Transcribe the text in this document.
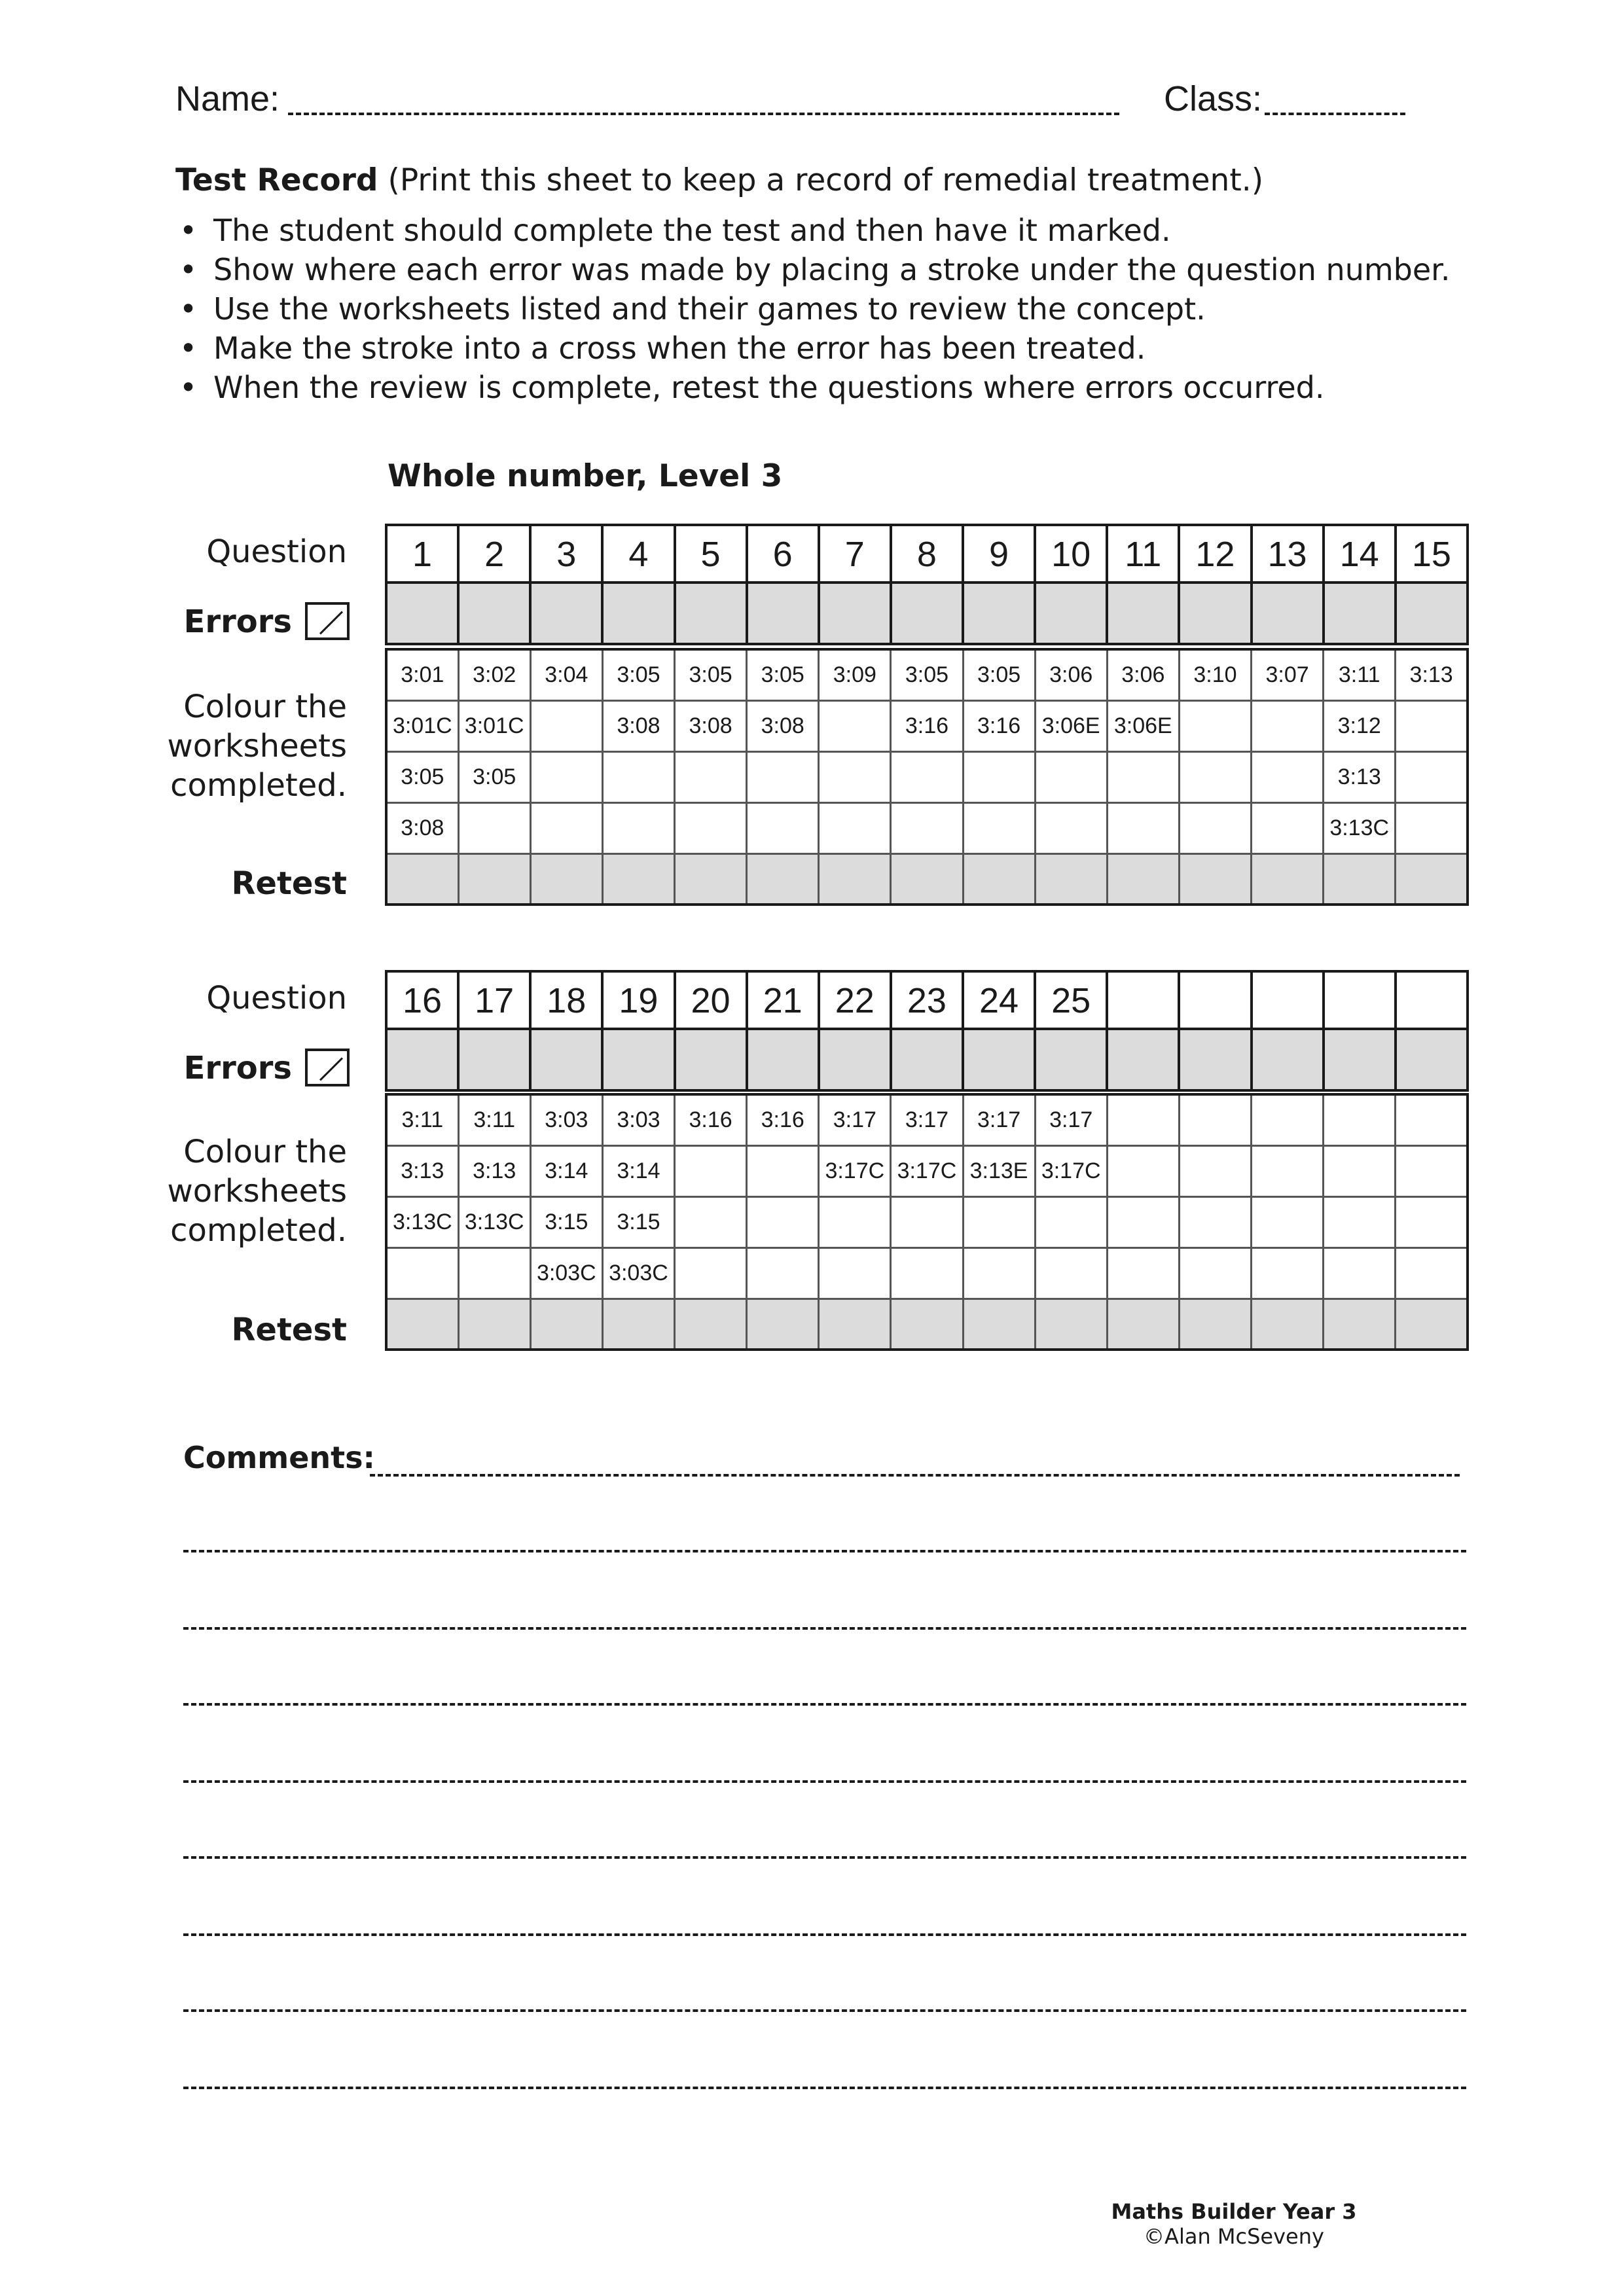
Name:	Class:
Test Record (Print this sheet to keep a record of remedial treatment.)
• The student should complete the test and then have it marked.
• Show where each error was made by placing a stroke under the question number.
• Use the worksheets listed and their games to review the concept.
• Make the stroke into a cross when the error has been treated.
• When the review is complete, retest the questions where errors occurred.
Whole number, Level 3
Question
Errors
Colour the
worksheets
completed.
Retest
1	2	3	4	5	6	7	8	9	10	11	12	13	14	15

3:01	3:02	3:04	3:05	3:05	3:05	3:09	3:05	3:05	3:06	3:06	3:10	3:07	3:11	3:13
3:01C	3:01C		3:08	3:08	3:08		3:16	3:16	3:06E	3:06E			3:12	
3:05	3:05												3:13	
3:08													3:13C	

Question
Errors
Colour the
worksheets
completed.
Retest
16	17	18	19	20	21	22	23	24	25					

3:11	3:11	3:03	3:03	3:16	3:16	3:17	3:17	3:17	3:17					
3:13	3:13	3:14	3:14			3:17C	3:17C	3:13E	3:17C					
3:13C	3:13C	3:15	3:15											
		3:03C	3:03C											

Comments:
Maths Builder Year 3
©Alan McSeveny
